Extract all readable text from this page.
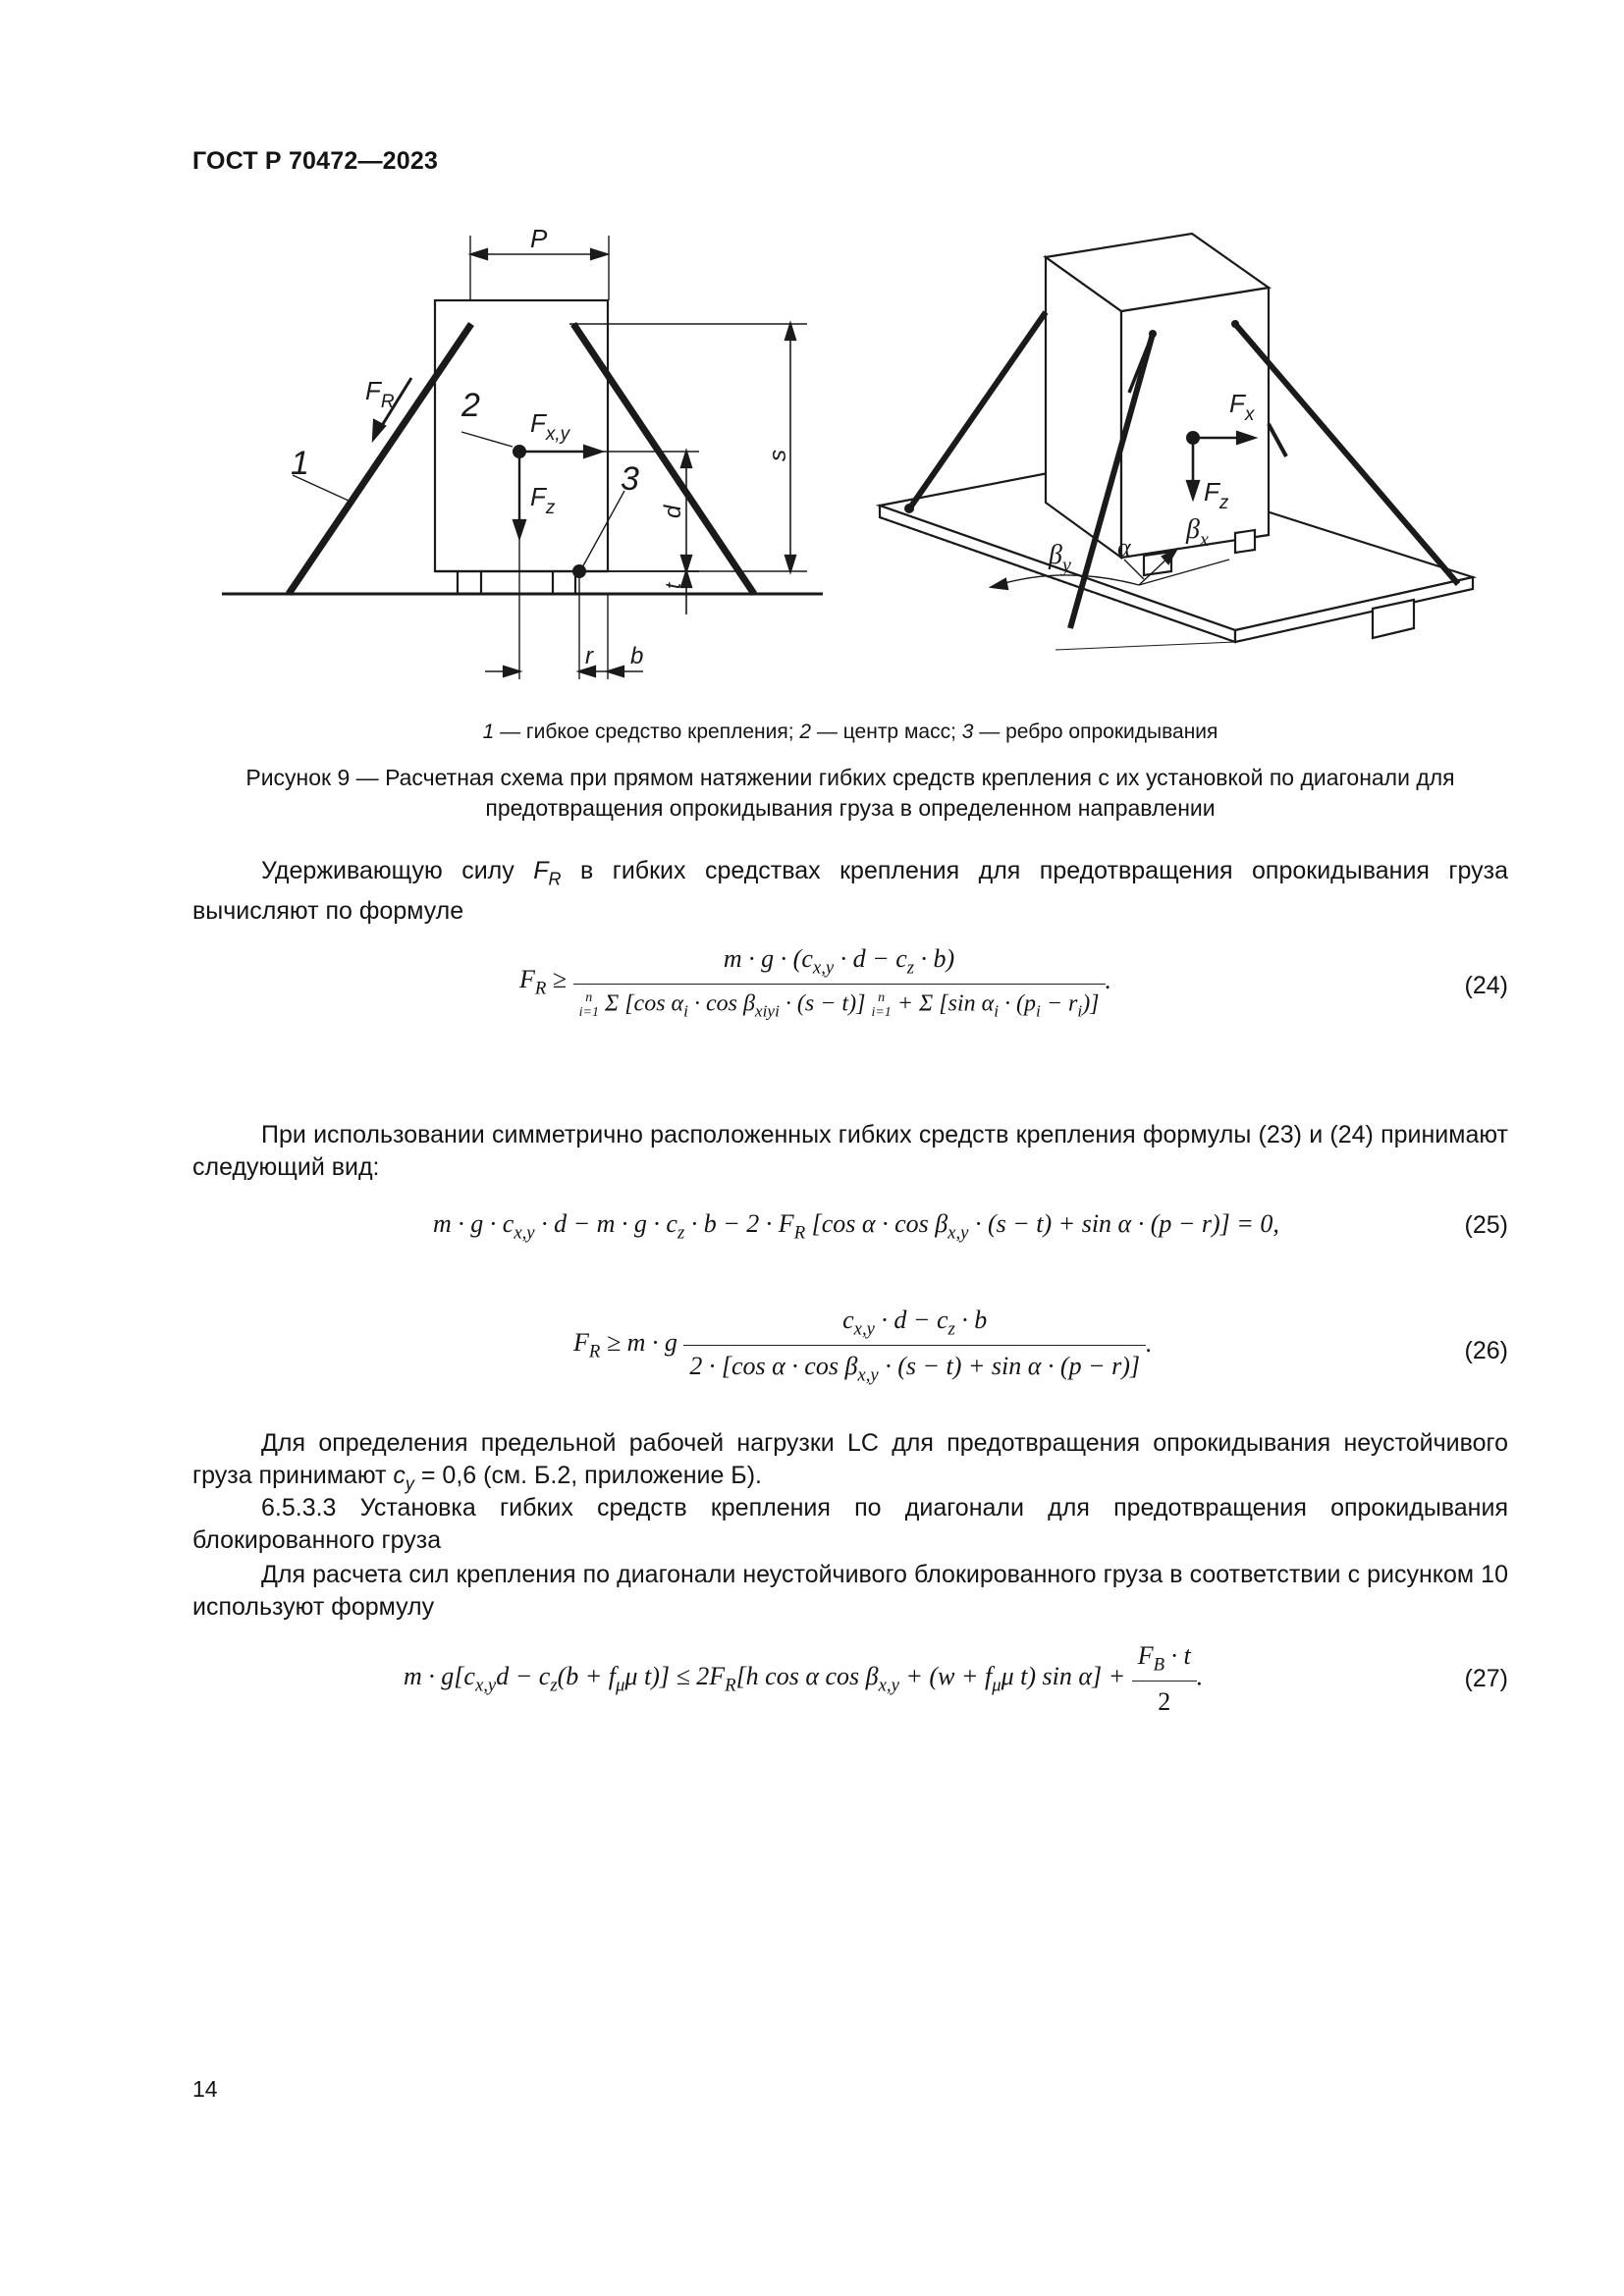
ГОСТ Р 70472—2023
P
$F_R$
1
2
3
$F_{x,y}$
$F_z$
s
d
t
r b
$F_x$
$F_z$
$\beta_x$
$\beta_y$
α
1 — гибкое средство крепления; 2 — центр масс; 3 — ребро опрокидывания
Рисунок 9 — Расчетная схема при прямом натяжении гибких средств крепления с их установкой по диагонали для предотвращения опрокидывания груза в определенном направлении
Удерживающую силу $F_R$ в гибких средствах крепления для предотвращения опрокидывания груза вычисляют по формуле
$F_R$ ≥
$m \cdot g \cdot (c_{x,y} \cdot d - c_z \cdot b)$
n
i=1 Σ [cos $\alpha_i \cdot \cos \beta_{xiyi} \cdot (s - t)$] n
i=1 + Σ [sin $\alpha_i \cdot (p_i - r_i)$]
.	(24)
При использовании симметрично расположенных гибких средств крепления формулы (23) и (24) принимают следующий вид:
$m \cdot g \cdot c_{x,y} \cdot d - m \cdot g \cdot c_z \cdot b - 2 \cdot F_R$ [cos $\alpha \cdot \cos \beta_{x,y} \cdot (s - t) + \sin \alpha \cdot (p - r)] = 0$,	(25)
$F_R \ge m \cdot g \frac{c_{x,y} \cdot d - c_z \cdot b}{2 \cdot [\cos \alpha \cdot \cos \beta_{x,y} \cdot (s - t) + \sin \alpha \cdot (p - r)]}$ .	(26)
Для определения предельной рабочей нагрузки LC для предотвращения опрокидывания неустойчивого груза принимают $c_y = 0,6$ (см. Б.2, приложение Б).
6.5.3.3 Установка гибких средств крепления по диагонали для предотвращения опрокидывания блокированного груза
Для расчета сил крепления по диагонали неустойчивого блокированного груза в соответствии с рисунком 10 используют формулу
$m \cdot g[c_{x,y}d - c_z(b + f_\mu\mu$ $t)] \le 2F_R[h$ cos α $\cos \beta_{x,y} + (w + f_\mu\mu$ t) $\sin \alpha] + \frac{F_B \cdot t}{2}$ .	(27)
14
